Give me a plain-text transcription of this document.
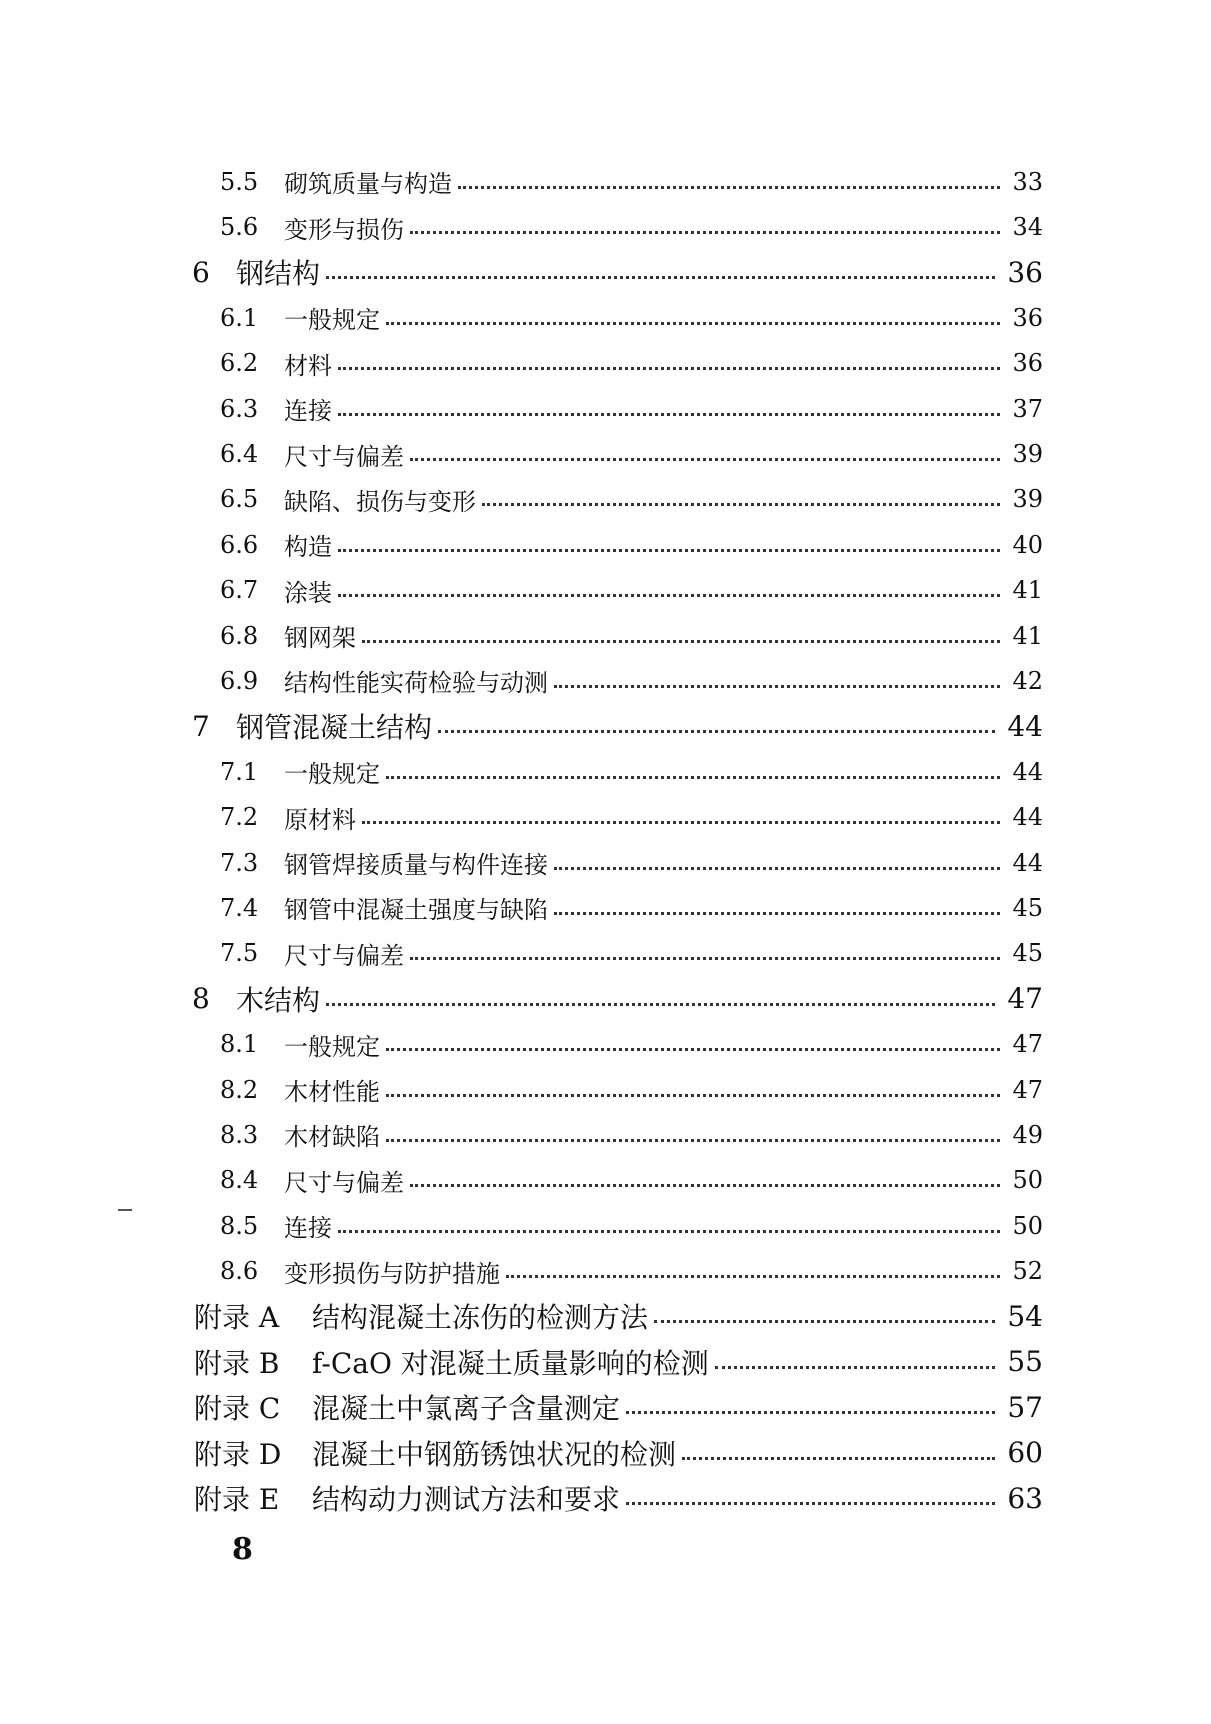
5.5 砌筑质量与构造	33
5.6 变形与损伤	34
6 钢结构	36
6.1 一般规定	36
6.2 材料	36
6.3 连接	37
6.4 尺寸与偏差	39
6.5 缺陷、损伤与变形	39
6.6 构造	40
6.7 涂装	41
6.8 钢网架	41
6.9 结构性能实荷检验与动测	42
7 钢管混凝土结构	44
7.1 一般规定	44
7.2 原材料	44
7.3 钢管焊接质量与构件连接	44
7.4 钢管中混凝土强度与缺陷	45
7.5 尺寸与偏差	45
8 木结构	47
8.1 一般规定	47
8.2 木材性能	47
8.3 木材缺陷	49
8.4 尺寸与偏差	50
8.5 连接	50
8.6 变形损伤与防护措施	52
附录 A 结构混凝土冻伤的检测方法	54
附录 B f-CaO 对混凝土质量影响的检测	55
附录 C 混凝土中氯离子含量测定	57
附录 D 混凝土中钢筋锈蚀状况的检测	60
附录 E 结构动力测试方法和要求	63
8
